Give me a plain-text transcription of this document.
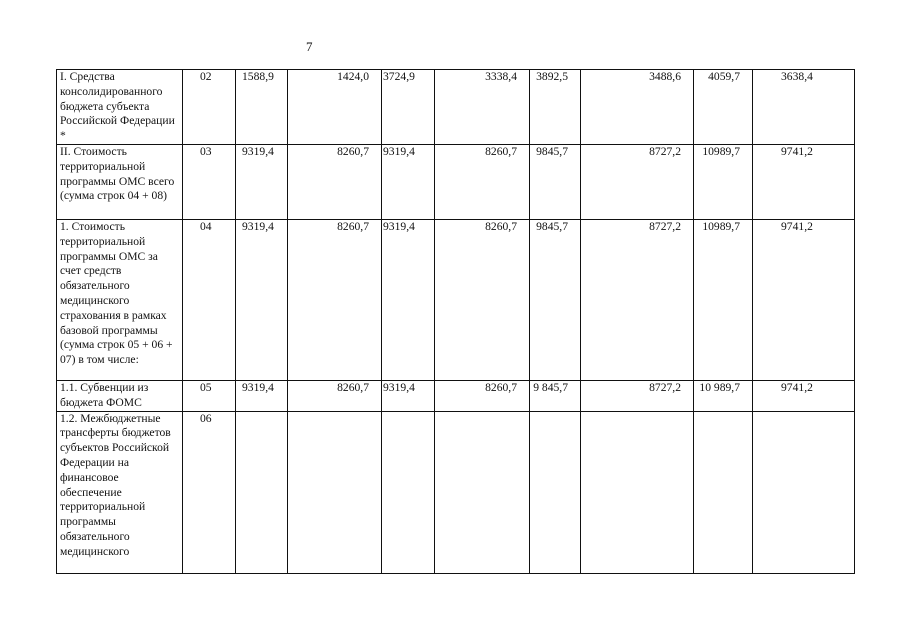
7
I. Средства консолидированного бюджета субъекта Российской Федерации *	02	1588,9	1424,0	3724,9	3338,4	3892,5	3488,6	4059,7	3638,4
II. Стоимость территориальной программы ОМС всего (сумма строк 04 + 08)	03	9319,4	8260,7	9319,4	8260,7	9845,7	8727,2	10989,7	9741,2
1. Стоимость территориальной программы ОМС за счет средств обязательного медицинского страхования в рамках базовой программы (сумма строк 05 + 06 + 07) в том числе:	04	9319,4	8260,7	9319,4	8260,7	9845,7	8727,2	10989,7	9741,2
1.1. Субвенции из бюджета ФОМС	05	9319,4	8260,7	9319,4	8260,7	9 845,7	8727,2	10 989,7	9741,2
1.2. Межбюджетные трансферты бюджетов субъектов Российской Федерации на финансовое обеспечение территориальной программы обязательного медицинского	06								
